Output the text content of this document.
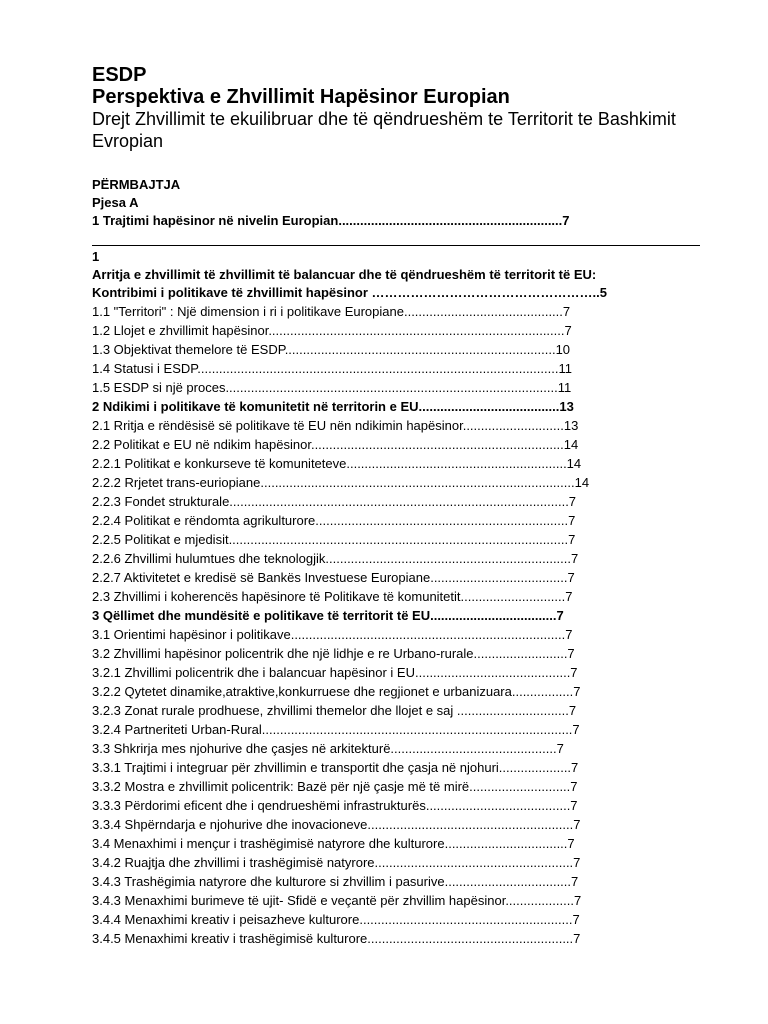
ESDP
Perspektiva e Zhvillimit Hapësinor Europian

Drejt Zhvillimit te ekuilibruar dhe të qëndrueshëm te Territorit te Bashkimit Evropian

PËRMBAJTJA
Pjesa A
1 Trajtimi hapësinor në nivelin Europian..............................................................7
1
Arritja e zhvillimit të zhvillimit të balancuar dhe të qëndrueshëm të territorit të EU:
Kontribimi i politikave të zhvillimit hapësinor ……………………………………………..5
1.1 "Territori" : Një dimension i ri i politikave Europiane............................................7
1.2 Llojet e zhvillimit hapësinor..................................................................................7
1.3 Objektivat themelore të ESDP...........................................................................10
1.4 Statusi i ESDP....................................................................................................11
1.5 ESDP si një proces............................................................................................11
2 Ndikimi i politikave të komunitetit në territorin e EU.......................................13
2.1 Rritja e rëndësisë së politikave të EU nën ndikimin hapësinor............................13
2.2 Politikat e EU në ndikim hapësinor......................................................................14
2.2.1 Politikat e konkurseve të komuniteteve.............................................................14
2.2.2 Rrjetet trans-euriopiane.......................................................................................14
2.2.3 Fondet strukturale..............................................................................................7
2.2.4 Politikat e rëndomta agrikulturore......................................................................7
2.2.5 Politikat e mjedisit..............................................................................................7
2.2.6 Zhvillimi hulumtues dhe teknologjik....................................................................7
2.2.7 Aktivitetet e kredisë së Bankës Investuese Europiane......................................7
2.3 Zhvillimi i koherencës hapësinore të Politikave të komunitetit.............................7
3 Qëllimet dhe mundësitë e politikave të territorit të EU...................................7
3.1 Orientimi hapësinor i politikave............................................................................7
3.2 Zhvillimi hapësinor policentrik dhe një lidhje e re Urbano-rurale..........................7
3.2.1 Zhvillimi policentrik dhe i balancuar hapësinor i EU...........................................7
3.2.2 Qytetet dinamike,atraktive,konkurruese dhe regjionet e urbanizuara.................7
3.2.3 Zonat rurale prodhuese, zhvillimi themelor dhe llojet e saj ...............................7
3.2.4 Partneriteti Urban-Rural......................................................................................7
3.3 Shkrirja mes njohurive dhe çasjes në arkitekturë..............................................7
3.3.1 Trajtimi i integruar për zhvillimin e transportit dhe çasja në njohuri....................7
3.3.2 Mostra e zhvillimit policentrik: Bazë për një çasje më të mirë............................7
3.3.3 Përdorimi eficent dhe i qendrueshëmi infrastrukturës........................................7
3.3.4 Shpërndarja e njohurive dhe inovacioneve.........................................................7
3.4 Menaxhimi i mençur i trashëgimisë natyrore dhe kulturore..................................7
3.4.2 Ruajtja dhe zhvillimi i trashëgimisë natyrore.......................................................7
3.4.3 Trashëgimia natyrore dhe kulturore si zhvillim i pasurive...................................7
3.4.3 Menaxhimi burimeve të ujit- Sfidë e veçantë për zhvillim hapësinor...................7
3.4.4 Menaxhimi kreativ i peisazheve kulturore...........................................................7
3.4.5 Menaxhimi kreativ i trashëgimisë kulturore.........................................................7
